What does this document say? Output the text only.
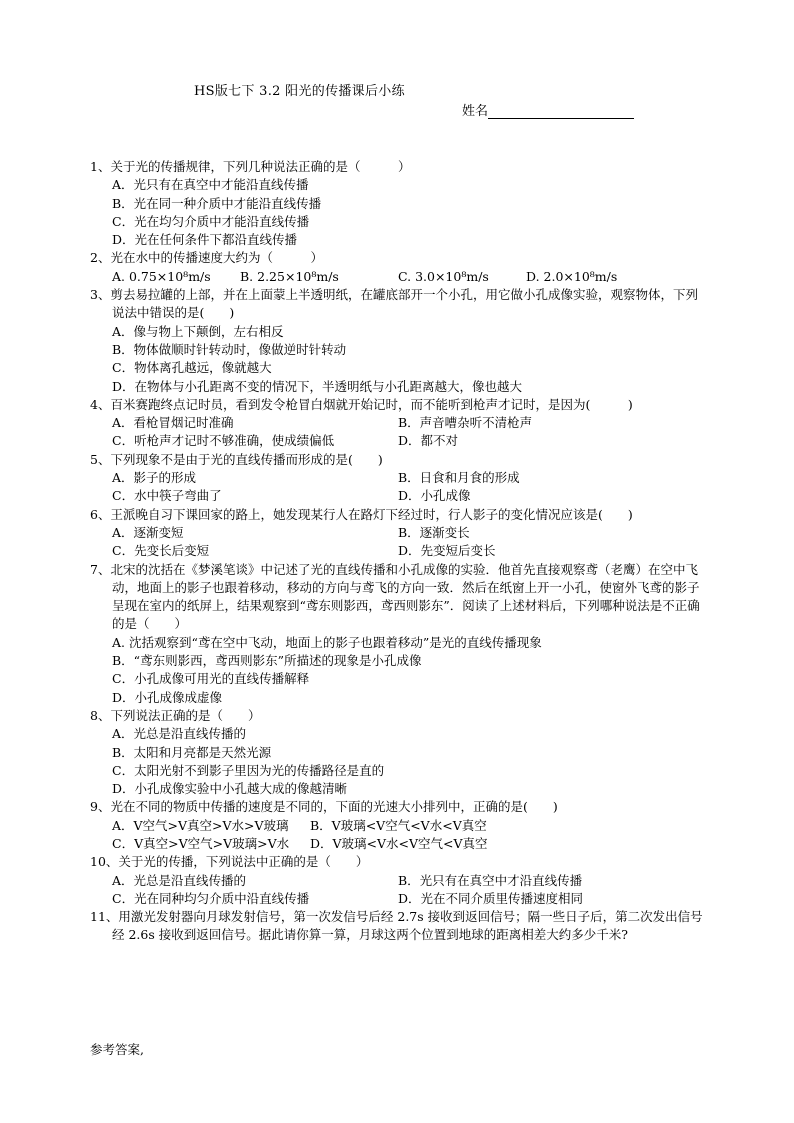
HS版七下 3.2 阳光的传播课后小练
姓名
1、关于光的传播规律，下列几种说法正确的是（　　　）
A．光只有在真空中才能沿直线传播
B．光在同一种介质中才能沿直线传播
C．光在均匀介质中才能沿直线传播
D．光在任何条件下都沿直线传播
2、光在水中的传播速度大约为（　　　）
A. 0.75×10⁸m/s	B. 2.25×10⁸m/s	C. 3.0×10⁸m/s	D. 2.0×10⁸m/s
3、剪去易拉罐的上部，并在上面蒙上半透明纸，在罐底部开一个小孔，用它做小孔成像实验，观察物体，下列说法中错误的是(　　)
A．像与物上下颠倒，左右相反
B．物体做顺时针转动时，像做逆时针转动
C．物体离孔越远，像就越大
D．在物体与小孔距离不变的情况下，半透明纸与小孔距离越大，像也越大
4、百米赛跑终点记时员，看到发令枪冒白烟就开始记时，而不能听到枪声才记时，是因为(　　　)
A．看枪冒烟记时准确	B．声音嘈杂听不清枪声
C．听枪声才记时不够准确，使成绩偏低	D．都不对
5、下列现象不是由于光的直线传播而形成的是(　　)
A．影子的形成	B．日食和月食的形成
C．水中筷子弯曲了	D．小孔成像
6、王派晚自习下课回家的路上，她发现某行人在路灯下经过时，行人影子的变化情况应该是(　　)
A．逐渐变短	B．逐渐变长
C．先变长后变短	D．先变短后变长
7、北宋的沈括在《梦溪笔谈》中记述了光的直线传播和小孔成像的实验．他首先直接观察鸢（老鹰）在空中飞动，地面上的影子也跟着移动，移动的方向与鸢飞的方向一致．然后在纸窗上开一小孔，使窗外飞鸢的影子呈现在室内的纸屏上，结果观察到“鸢东则影西，鸢西则影东”．阅读了上述材料后，下列哪种说法是不正确的是（　　）
A. 沈括观察到“鸢在空中飞动，地面上的影子也跟着移动”是光的直线传播现象
B．“鸢东则影西，鸢西则影东”所描述的现象是小孔成像
C．小孔成像可用光的直线传播解释
D．小孔成像成虚像
8、下列说法正确的是（　　）
A．光总是沿直线传播的
B．太阳和月亮都是天然光源
C．太阳光射不到影子里因为光的传播路径是直的
D．小孔成像实验中小孔越大成的像越清晰
9、光在不同的物质中传播的速度是不同的，下面的光速大小排列中，正确的是(　　)
A．V空气>V真空>V水>V玻璃	B．V玻璃<V空气<V水<V真空
C．V真空>V空气>V玻璃>V水	D．V玻璃<V水<V空气<V真空
10、关于光的传播，下列说法中正确的是（　　）
A．光总是沿直线传播的	B．光只有在真空中才沿直线传播
C．光在同种均匀介质中沿直线传播	D．光在不同介质里传播速度相同
11、用激光发射器向月球发射信号，第一次发信号后经 2.7s 接收到返回信号；隔一些日子后，第二次发出信号经 2.6s 接收到返回信号。据此请你算一算，月球这两个位置到地球的距离相差大约多少千米?
参考答案,
